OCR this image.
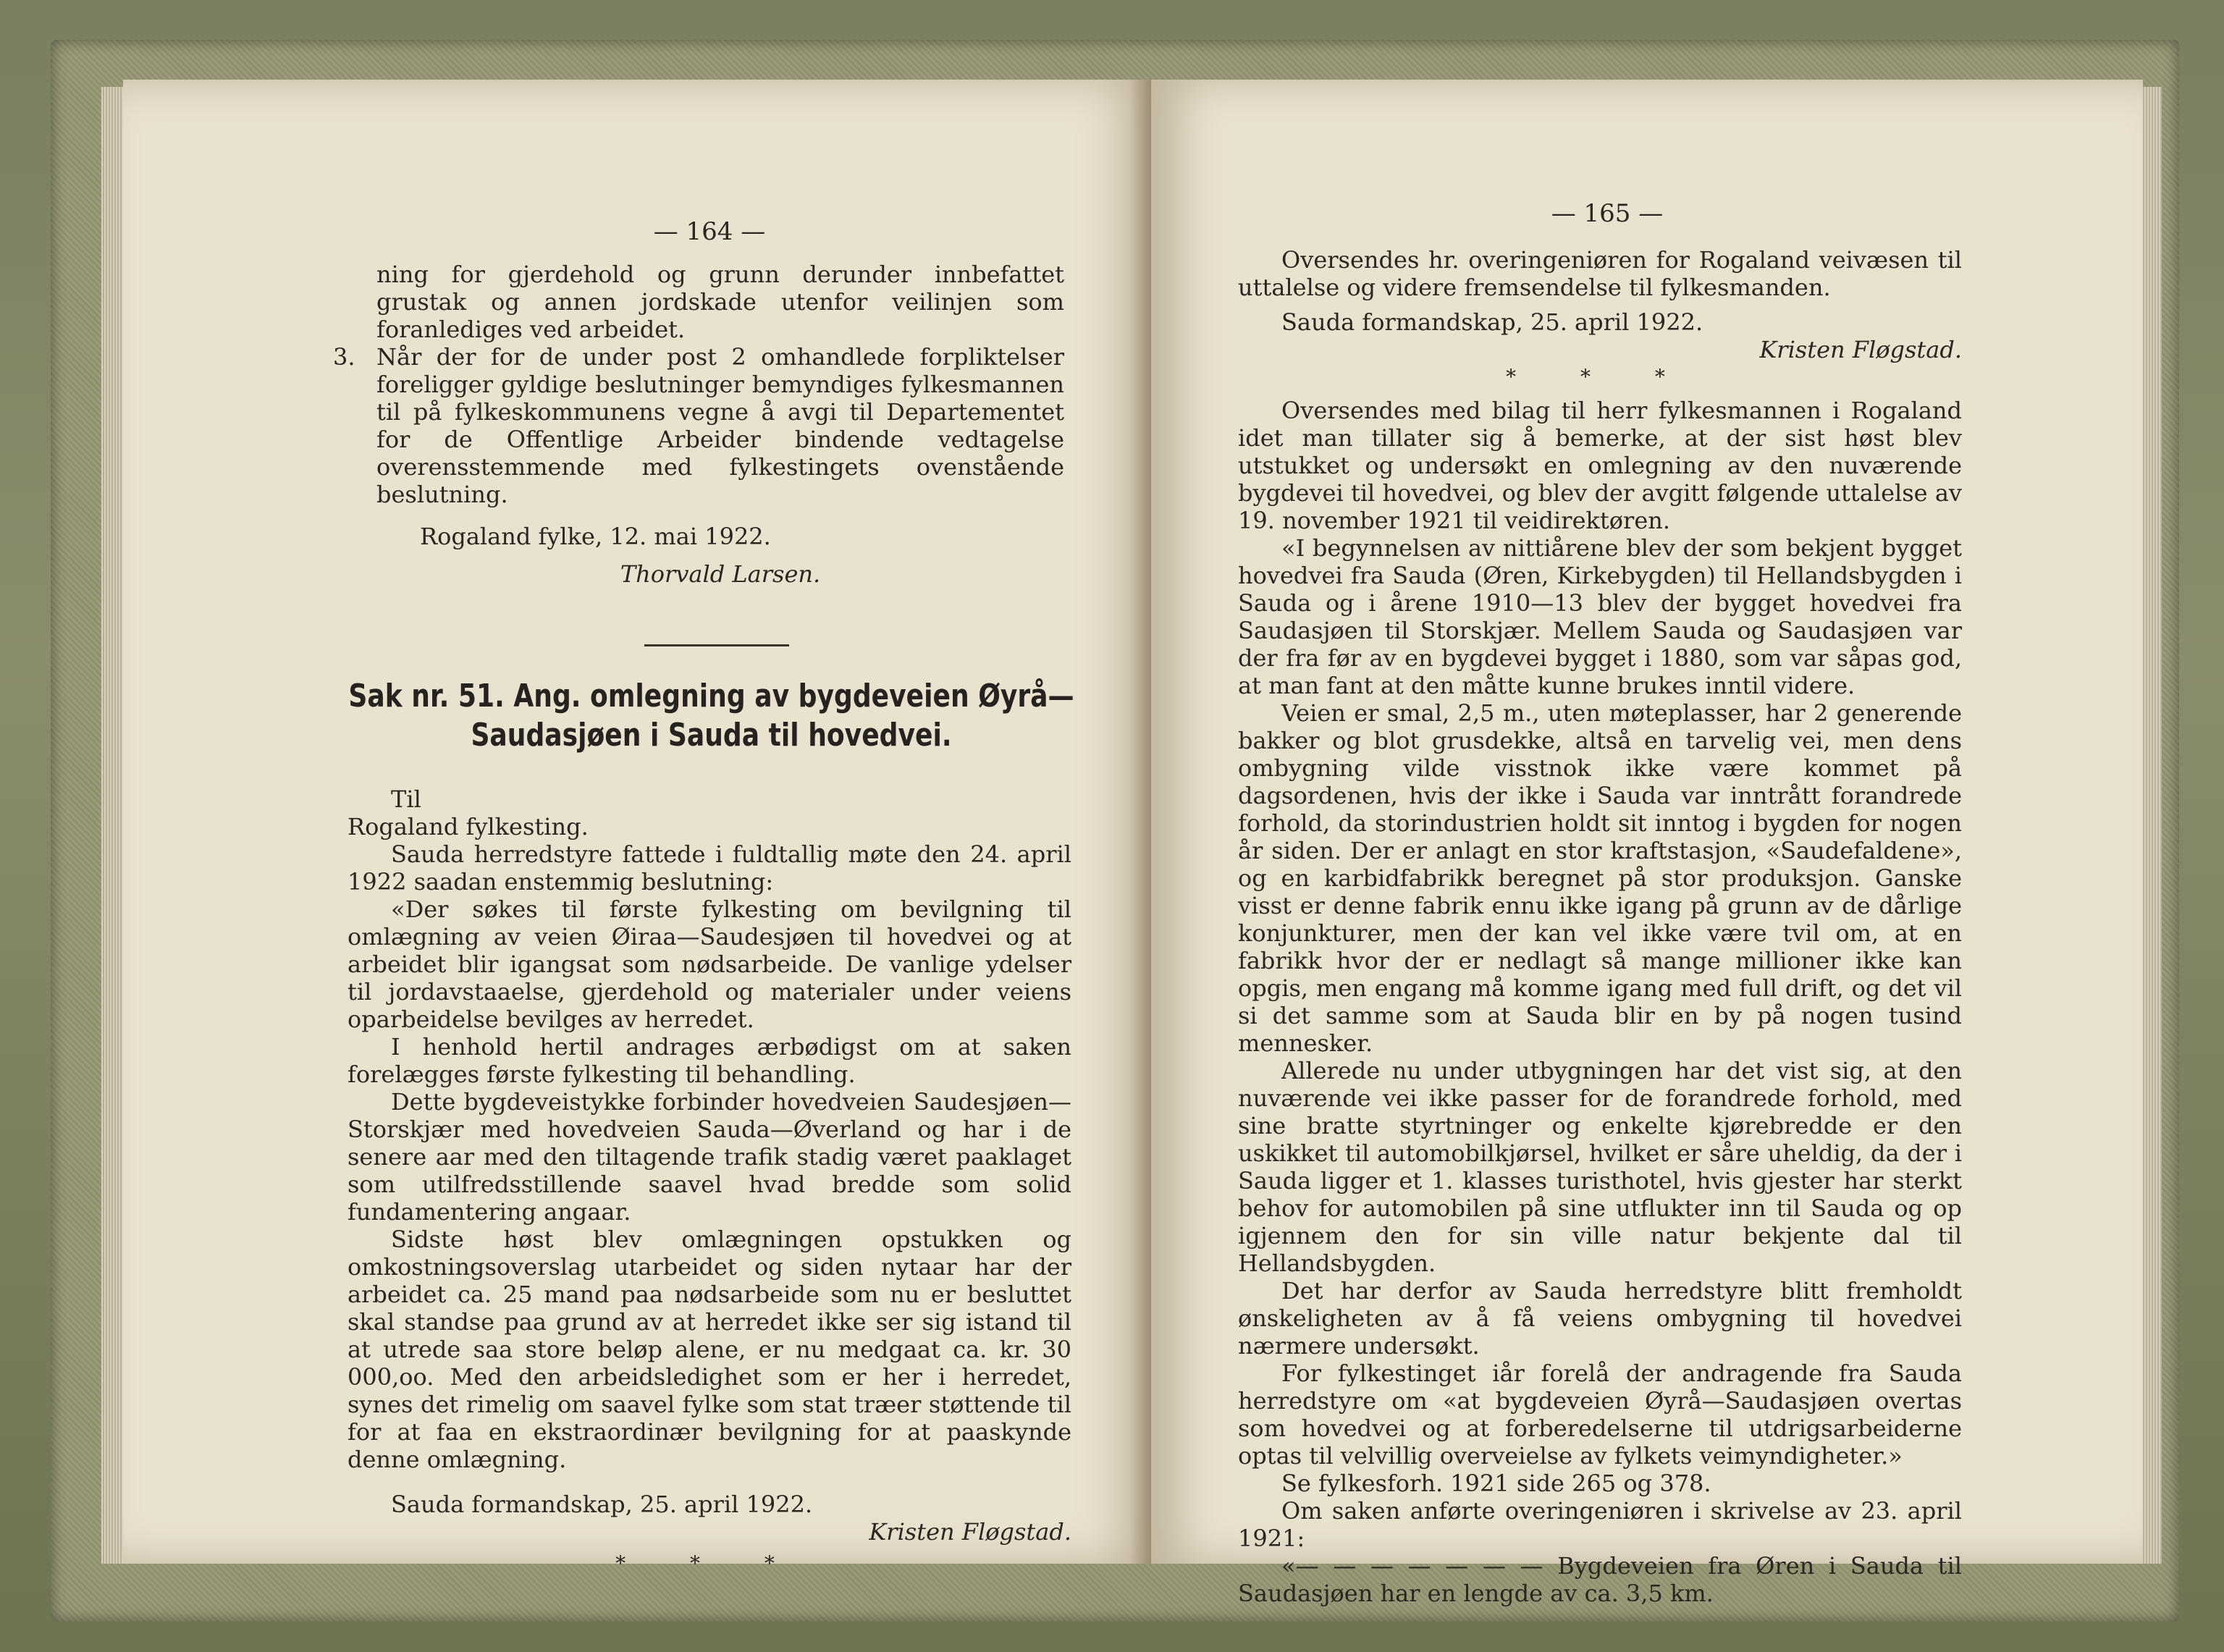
— 164 —

ning for gjerdehold og grunn derunder innbefattet grustak og annen jordskade utenfor veilinjen som foranlediges ved arbeidet.

3. Når der for de under post 2 omhandlede forpliktelser foreligger gyldige beslutninger bemyndiges fylkesmannen til på fylkeskommunens vegne å avgi til Departementet for de Offentlige Arbeider bindende vedtagelse overensstemmende med fylkestingets ovenstående beslutning.

Rogaland fylke, 12. mai 1922.

Thorvald Larsen.

Sak nr. 51. Ang. omlegning av bygdeveien Øyrå—Saudasjøen i Sauda til hovedvei.

Til

Rogaland fylkesting.

Sauda herredstyre fattede i fuldtallig møte den 24. april 1922 saadan enstemmig beslutning:

«Der søkes til første fylkesting om bevilgning til omlægning av veien Øiraa—Saudesjøen til hovedvei og at arbeidet blir igangsat som nødsarbeide. De vanlige ydelser til jordavstaaelse, gjerdehold og materialer under veiens oparbeidelse bevilges av herredet.

I henhold hertil andrages ærbødigst om at saken forelægges første fylkesting til behandling.

Dette bygdeveistykke forbinder hovedveien Saudesjøen—Storskjær med hovedveien Sauda—Øverland og har i de senere aar med den tiltagende trafik stadig været paaklaget som utilfredsstillende saavel hvad bredde som solid fundamentering angaar.

Sidste høst blev omlægningen opstukken og omkostningsoverslag utarbeidet og siden nytaar har der arbeidet ca. 25 mand paa nødsarbeide som nu er besluttet skal standse paa grund av at herredet ikke ser sig istand til at utrede saa store beløp alene, er nu medgaat ca. kr. 30 000,oo. Med den arbeidsledighet som er her i herredet, synes det rimelig om saavel fylke som stat træer støttende til for at faa en ekstraordinær bevilgning for at paaskynde denne omlægning.

Sauda formandskap, 25. april 1922.

Kristen Fløgstad.

* * *

— 165 —

Oversendes hr. overingeniøren for Rogaland veivæsen til uttalelse og videre fremsendelse til fylkesmanden.

Sauda formandskap, 25. april 1922.

Kristen Fløgstad.

* * *

Oversendes med bilag til herr fylkesmannen i Rogaland idet man tillater sig å bemerke, at der sist høst blev utstukket og undersøkt en omlegning av den nuværende bygdevei til hovedvei, og blev der avgitt følgende uttalelse av 19. november 1921 til veidirektøren.

«I begynnelsen av nittiårene blev der som bekjent bygget hovedvei fra Sauda (Øren, Kirkebygden) til Hellandsbygden i Sauda og i årene 1910—13 blev der bygget hovedvei fra Saudasjøen til Storskjær. Mellem Sauda og Saudasjøen var der fra før av en bygdevei bygget i 1880, som var såpas god, at man fant at den måtte kunne brukes inntil videre.

Veien er smal, 2,5 m., uten møteplasser, har 2 generende bakker og blot grusdekke, altså en tarvelig vei, men dens ombygning vilde visstnok ikke være kommet på dagsordenen, hvis der ikke i Sauda var inntrått forandrede forhold, da storindustrien holdt sit inntog i bygden for nogen år siden. Der er anlagt en stor kraftstasjon, «Saudefaldene», og en karbidfabrikk beregnet på stor produksjon. Ganske visst er denne fabrik ennu ikke igang på grunn av de dårlige konjunkturer, men der kan vel ikke være tvil om, at en fabrikk hvor der er nedlagt så mange millioner ikke kan opgis, men engang må komme igang med full drift, og det vil si det samme som at Sauda blir en by på nogen tusind mennesker.

Allerede nu under utbygningen har det vist sig, at den nuværende vei ikke passer for de forandrede forhold, med sine bratte styrtninger og enkelte kjørebredde er den uskikket til automobilkjørsel, hvilket er såre uheldig, da der i Sauda ligger et 1. klasses turisthotel, hvis gjester har sterkt behov for automobilen på sine utflukter inn til Sauda og op igjennem den for sin ville natur bekjente dal til Hellandsbygden.

Det har derfor av Sauda herredstyre blitt fremholdt ønskeligheten av å få veiens ombygning til hovedvei nærmere undersøkt.

For fylkestinget iår forelå der andragende fra Sauda herredstyre om «at bygdeveien Øyrå—Saudasjøen overtas som hovedvei og at forberedelserne til utdrigsarbeiderne optas til velvillig overveielse av fylkets veimyndigheter.»

Se fylkesforh. 1921 side 265 og 378.

Om saken anførte overingeniøren i skrivelse av 23. april 1921:

«— — — — — — — Bygdeveien fra Øren i Sauda til Saudasjøen har en lengde av ca. 3,5 km.
